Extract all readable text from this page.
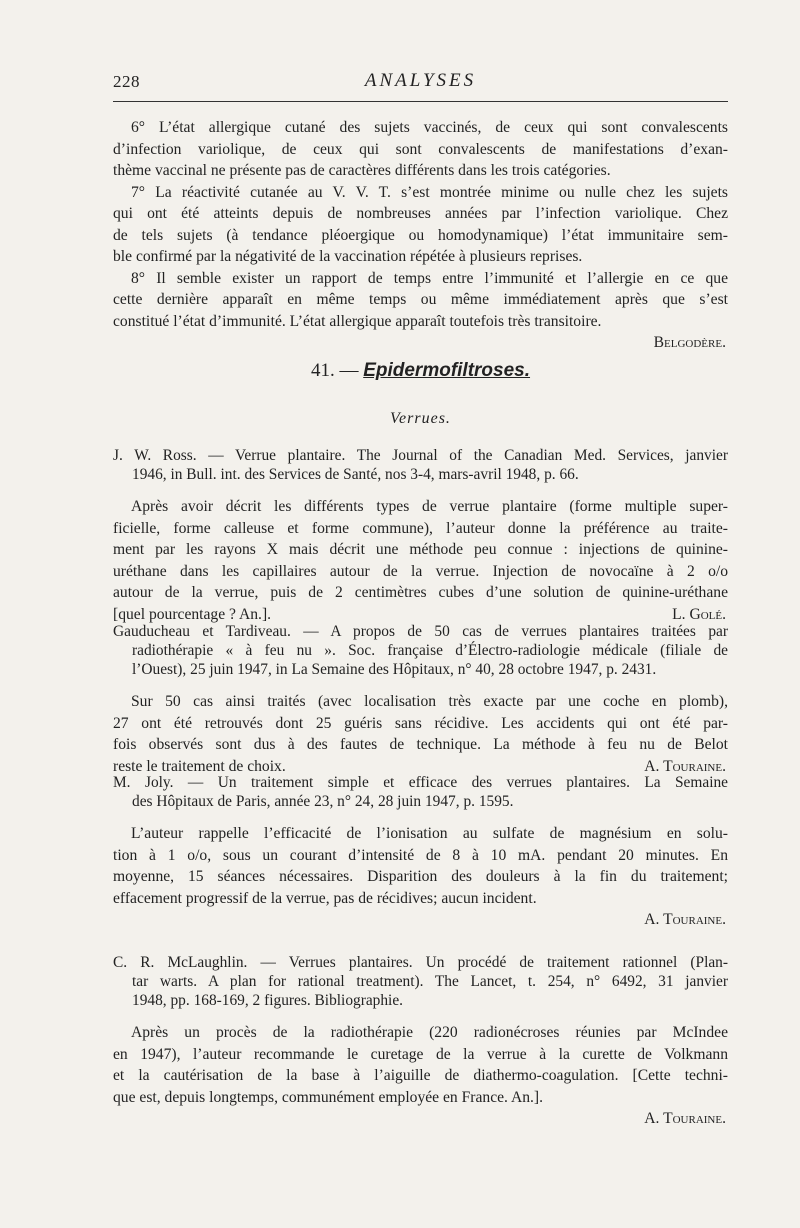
228	ANALYSES
6° L’état allergique cutané des sujets vaccinés, de ceux qui sont convalescents
d’infection variolique, de ceux qui sont convalescents de manifestations d’exan-
thème vaccinal ne présente pas de caractères différents dans les trois catégories.
7° La réactivité cutanée au V. V. T. s’est montrée minime ou nulle chez les sujets
qui ont été atteints depuis de nombreuses années par l’infection variolique. Chez
de tels sujets (à tendance pléoergique ou homodynamique) l’état immunitaire sem-
ble confirmé par la négativité de la vaccination répétée à plusieurs reprises.
8° Il semble exister un rapport de temps entre l’immunité et l’allergie en ce que
cette dernière apparaît en même temps ou même immédiatement après que s’est
constitué l’état d’immunité. L’état allergique apparaît toutefois très transitoire.
Belgodère.
41. — Epidermofiltroses.
Verrues.
J. W. Ross. — Verrue plantaire. The Journal of the Canadian Med. Services, janvier
1946, in Bull. int. des Services de Santé, nos 3-4, mars-avril 1948, p. 66.
Après avoir décrit les différents types de verrue plantaire (forme multiple super-
ficielle, forme calleuse et forme commune), l’auteur donne la préférence au traite-
ment par les rayons X mais décrit une méthode peu connue : injections de quinine-
uréthane dans les capillaires autour de la verrue. Injection de novocaïne à 2 o/o
autour de la verrue, puis de 2 centimètres cubes d’une solution de quinine-uréthane
[quel pourcentage ? An.].	L. Golé.
Gauducheau et Tardiveau. — A propos de 50 cas de verrues plantaires traitées par
radiothérapie « à feu nu ». Soc. française d’Électro-radiologie médicale (filiale de
l’Ouest), 25 juin 1947, in La Semaine des Hôpitaux, n° 40, 28 octobre 1947, p. 2431.
Sur 50 cas ainsi traités (avec localisation très exacte par une coche en plomb),
27 ont été retrouvés dont 25 guéris sans récidive. Les accidents qui ont été par-
fois observés sont dus à des fautes de technique. La méthode à feu nu de Belot
reste le traitement de choix.	A. Touraine.
M. Joly. — Un traitement simple et efficace des verrues plantaires. La Semaine
des Hôpitaux de Paris, année 23, n° 24, 28 juin 1947, p. 1595.
L’auteur rappelle l’efficacité de l’ionisation au sulfate de magnésium en solu-
tion à 1 o/o, sous un courant d’intensité de 8 à 10 mA. pendant 20 minutes. En
moyenne, 15 séances nécessaires. Disparition des douleurs à la fin du traitement;
effacement progressif de la verrue, pas de récidives; aucun incident.
A. Touraine.
C. R. McLaughlin. — Verrues plantaires. Un procédé de traitement rationnel (Plan-
tar warts. A plan for rational treatment). The Lancet, t. 254, n° 6492, 31 janvier
1948, pp. 168-169, 2 figures. Bibliographie.
Après un procès de la radiothérapie (220 radionécroses réunies par McIndee
en 1947), l’auteur recommande le curetage de la verrue à la curette de Volkmann
et la cautérisation de la base à l’aiguille de diathermo-coagulation. [Cette techni-
que est, depuis longtemps, communément employée en France. An.].
A. Touraine.
